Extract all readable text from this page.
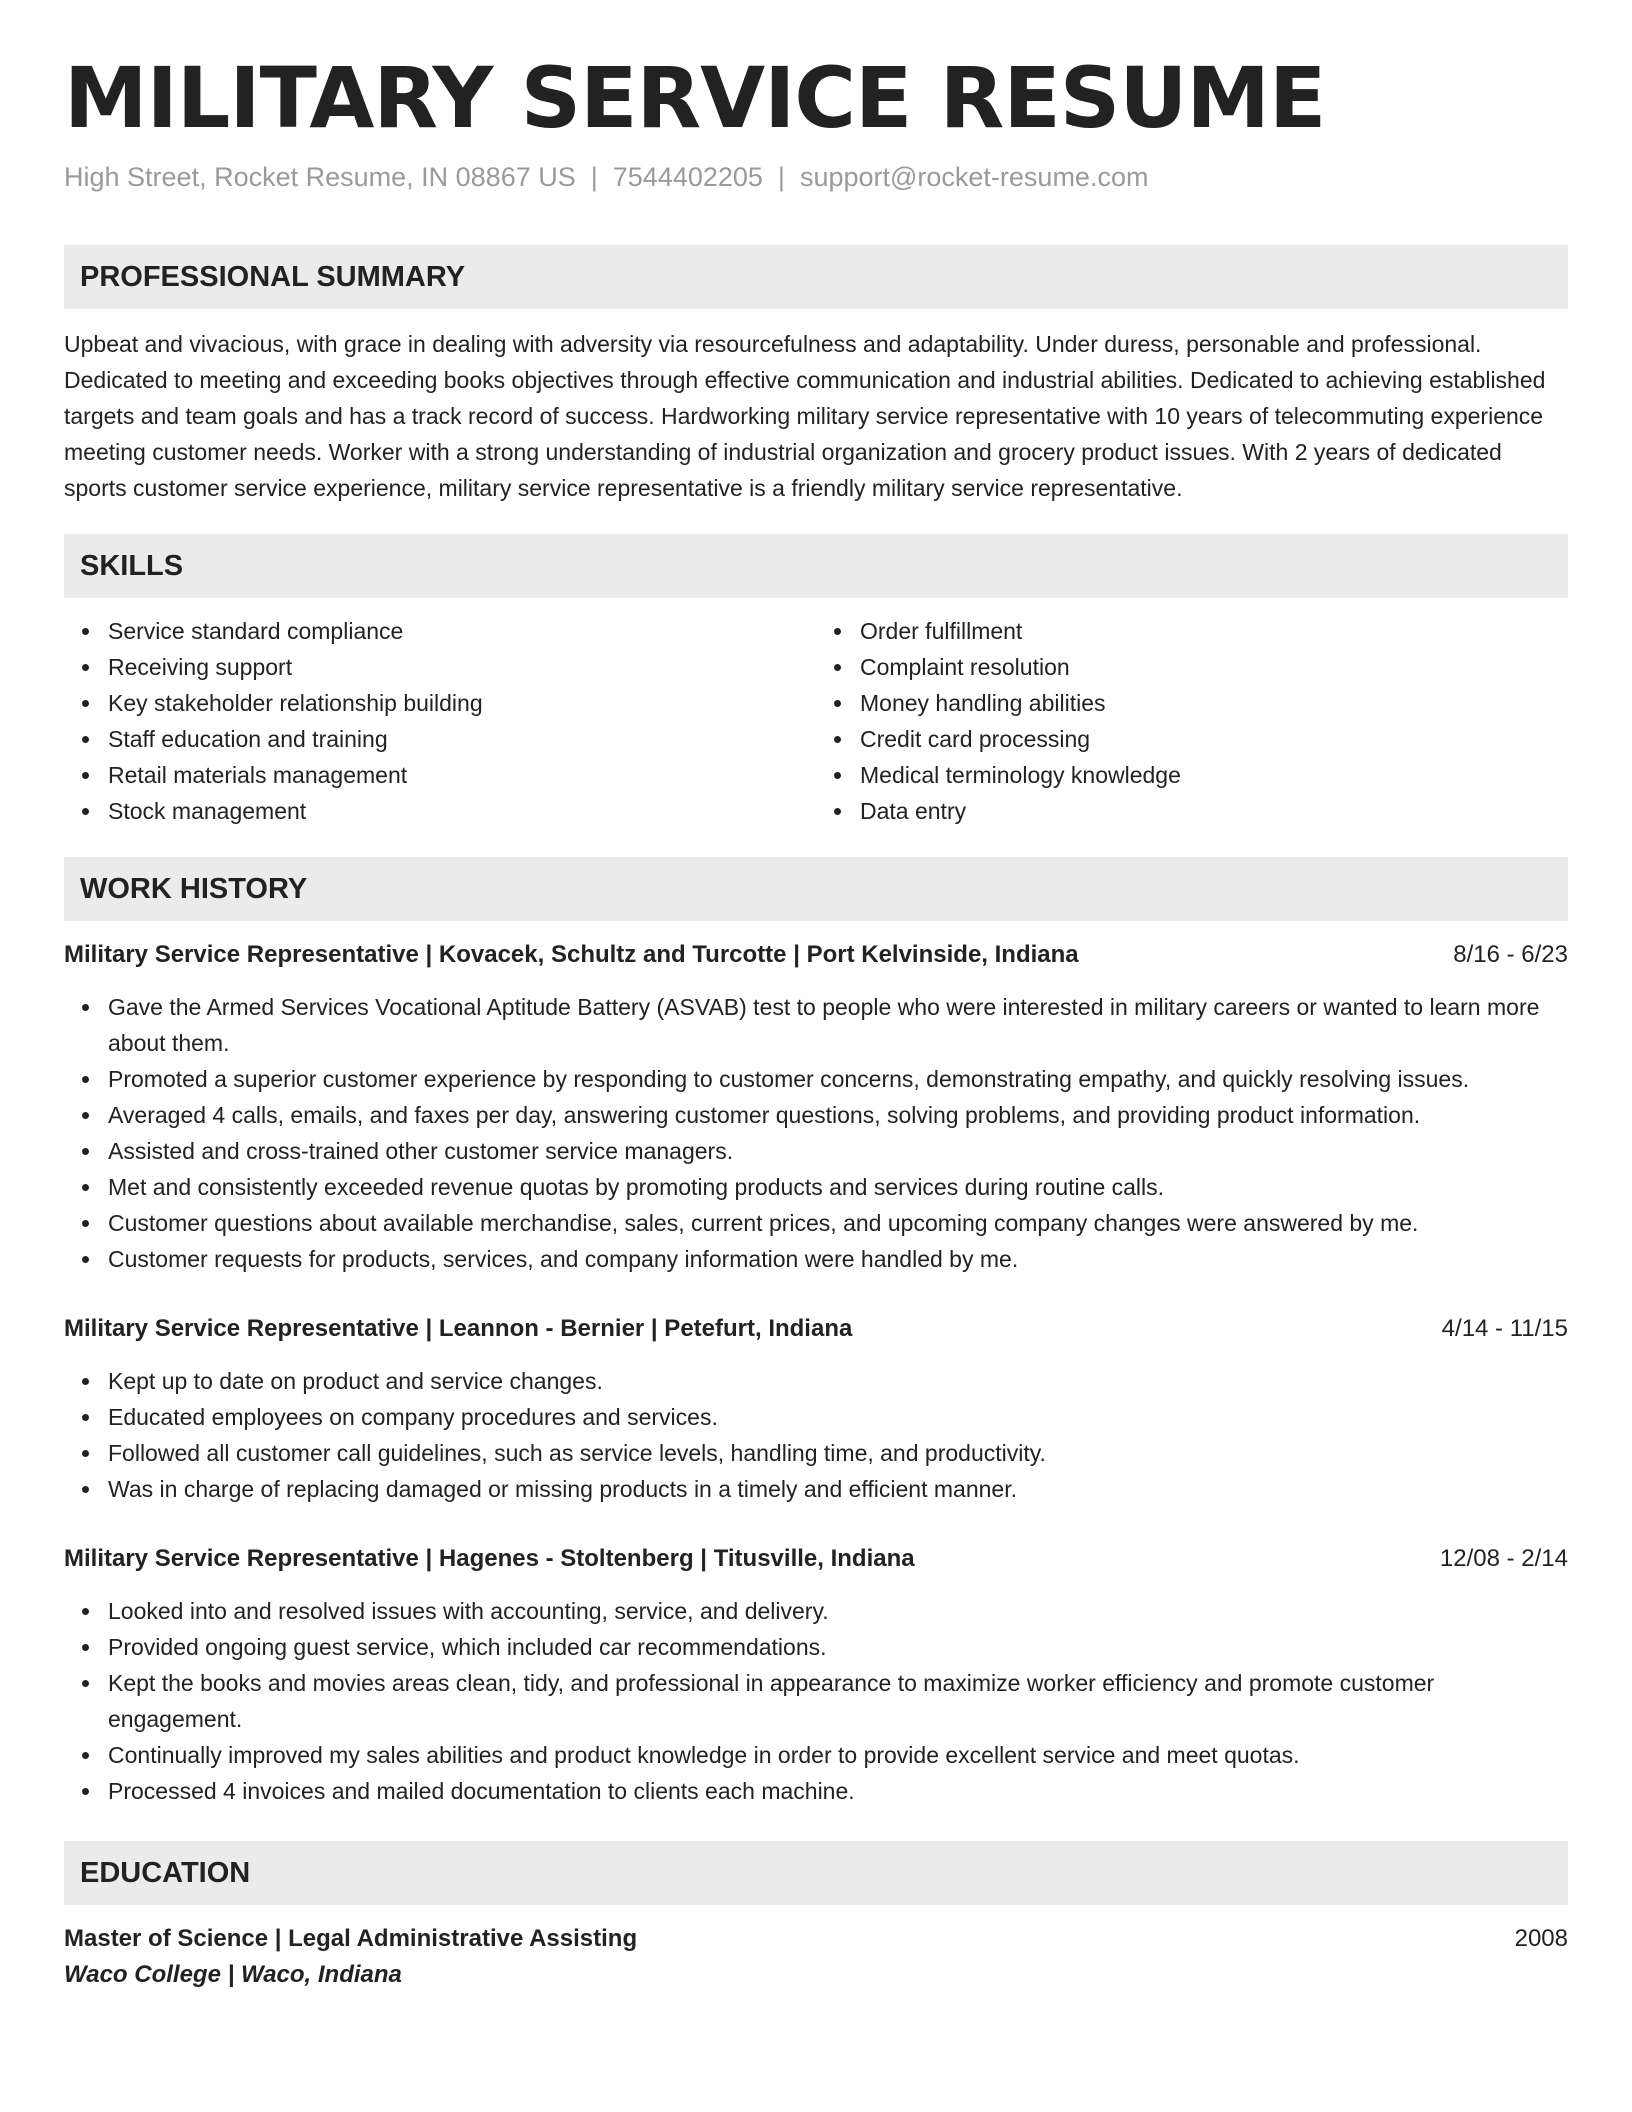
MILITARY SERVICE RESUME
High Street, Rocket Resume, IN 08867 US | 7544402205 | support@rocket-resume.com
PROFESSIONAL SUMMARY

Upbeat and vivacious, with grace in dealing with adversity via resourcefulness and adaptability. Under duress, personable and professional. Dedicated to meeting and exceeding books objectives through effective communication and industrial abilities. Dedicated to achieving established targets and team goals and has a track record of success. Hardworking military service representative with 10 years of telecommuting experience meeting customer needs. Worker with a strong understanding of industrial organization and grocery product issues. With 2 years of dedicated sports customer service experience, military service representative is a friendly military service representative.

SKILLS
Service standard compliance
Receiving support
Key stakeholder relationship building
Staff education and training
Retail materials management
Stock management
Order fulfillment
Complaint resolution
Money handling abilities
Credit card processing
Medical terminology knowledge
Data entry
WORK HISTORY
Military Service Representative | Kovacek, Schultz and Turcotte | Port Kelvinside, Indiana	8/16 - 6/23
Gave the Armed Services Vocational Aptitude Battery (ASVAB) test to people who were interested in military careers or wanted to learn more about them.
Promoted a superior customer experience by responding to customer concerns, demonstrating empathy, and quickly resolving issues.
Averaged 4 calls, emails, and faxes per day, answering customer questions, solving problems, and providing product information.
Assisted and cross-trained other customer service managers.
Met and consistently exceeded revenue quotas by promoting products and services during routine calls.
Customer questions about available merchandise, sales, current prices, and upcoming company changes were answered by me.
Customer requests for products, services, and company information were handled by me.
Military Service Representative | Leannon - Bernier | Petefurt, Indiana	4/14 - 11/15
Kept up to date on product and service changes.
Educated employees on company procedures and services.
Followed all customer call guidelines, such as service levels, handling time, and productivity.
Was in charge of replacing damaged or missing products in a timely and efficient manner.
Military Service Representative | Hagenes - Stoltenberg | Titusville, Indiana	12/08 - 2/14
Looked into and resolved issues with accounting, service, and delivery.
Provided ongoing guest service, which included car recommendations.
Kept the books and movies areas clean, tidy, and professional in appearance to maximize worker efficiency and promote customer engagement.
Continually improved my sales abilities and product knowledge in order to provide excellent service and meet quotas.
Processed 4 invoices and mailed documentation to clients each machine.
EDUCATION
Master of Science | Legal Administrative Assisting	2008
Waco College | Waco, Indiana
